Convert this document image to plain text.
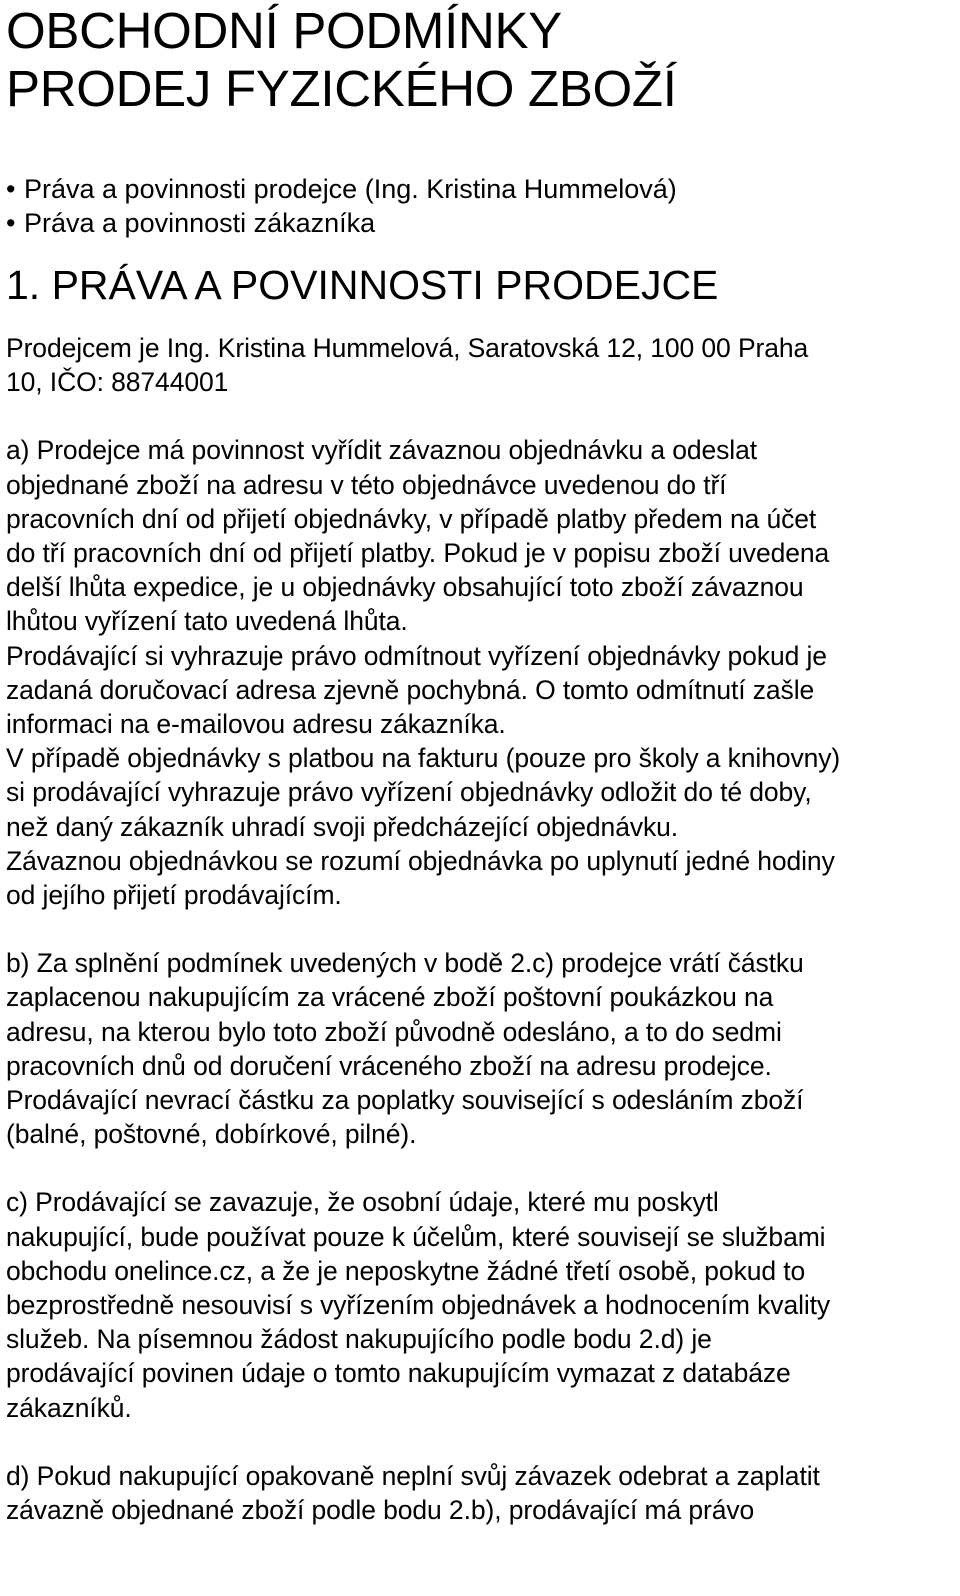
OBCHODNÍ PODMÍNKY
PRODEJ FYZICKÉHO ZBOŽÍ
• Práva a povinnosti prodejce (Ing. Kristina Hummelová)
• Práva a povinnosti zákazníka
1. PRÁVA A POVINNOSTI PRODEJCE

Prodejcem je Ing. Kristina Hummelová, Saratovská 12, 100 00 Praha
10, IČO: 88744001

a) Prodejce má povinnost vyřídit závaznou objednávku a odeslat
objednané zboží na adresu v této objednávce uvedenou do tří
pracovních dní od přijetí objednávky, v případě platby předem na účet
do tří pracovních dní od přijetí platby. Pokud je v popisu zboží uvedena
delší lhůta expedice, je u objednávky obsahující toto zboží závaznou
lhůtou vyřízení tato uvedená lhůta.
Prodávající si vyhrazuje právo odmítnout vyřízení objednávky pokud je
zadaná doručovací adresa zjevně pochybná. O tomto odmítnutí zašle
informaci na e-mailovou adresu zákazníka.
V případě objednávky s platbou na fakturu (pouze pro školy a knihovny)
si prodávající vyhrazuje právo vyřízení objednávky odložit do té doby,
než daný zákazník uhradí svoji předcházející objednávku.
Závaznou objednávkou se rozumí objednávka po uplynutí jedné hodiny
od jejího přijetí prodávajícím.

b) Za splnění podmínek uvedených v bodě 2.c) prodejce vrátí částku
zaplacenou nakupujícím za vrácené zboží poštovní poukázkou na
adresu, na kterou bylo toto zboží původně odesláno, a to do sedmi
pracovních dnů od doručení vráceného zboží na adresu prodejce.
Prodávající nevrací částku za poplatky související s odesláním zboží
(balné, poštovné, dobírkové, pilné).

c) Prodávající se zavazuje, že osobní údaje, které mu poskytl
nakupující, bude používat pouze k účelům, které souvisejí se službami
obchodu onelince.cz, a že je neposkytne žádné třetí osobě, pokud to
bezprostředně nesouvisí s vyřízením objednávek a hodnocením kvality
služeb. Na písemnou žádost nakupujícího podle bodu 2.d) je
prodávající povinen údaje o tomto nakupujícím vymazat z databáze
zákazníků.

d) Pokud nakupující opakovaně neplní svůj závazek odebrat a zaplatit
závazně objednané zboží podle bodu 2.b), prodávající má právo
